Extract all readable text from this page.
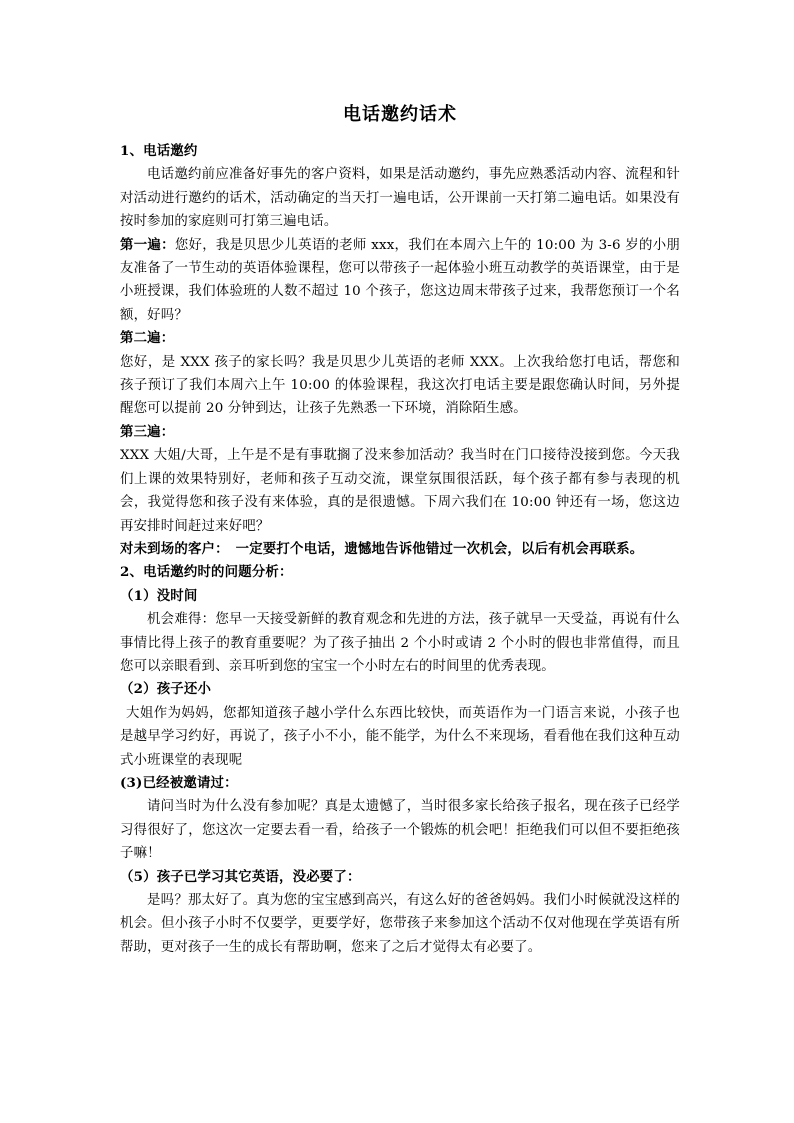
电话邀约话术

1、电话邀约

电话邀约前应准备好事先的客户资料，如果是活动邀约，事先应熟悉活动内容、流程和针对活动进行邀约的话术，活动确定的当天打一遍电话，公开课前一天打第二遍电话。如果没有按时参加的家庭则可打第三遍电话。

第一遍：您好，我是贝思少儿英语的老师 xxx，我们在本周六上午的 10:00 为 3-6 岁的小朋友准备了一节生动的英语体验课程，您可以带孩子一起体验小班互动教学的英语课堂，由于是小班授课，我们体验班的人数不超过 10 个孩子，您这边周末带孩子过来，我帮您预订一个名额，好吗？

第二遍：

您好，是 XXX 孩子的家长吗？我是贝思少儿英语的老师 XXX。上次我给您打电话，帮您和孩子预订了我们本周六上午 10:00 的体验课程，我这次打电话主要是跟您确认时间，另外提醒您可以提前 20 分钟到达，让孩子先熟悉一下环境，消除陌生感。

第三遍：

XXX 大姐/大哥，上午是不是有事耽搁了没来参加活动？我当时在门口接待没接到您。今天我们上课的效果特别好，老师和孩子互动交流，课堂氛围很活跃，每个孩子都有参与表现的机会，我觉得您和孩子没有来体验，真的是很遗憾。下周六我们在 10:00 钟还有一场，您这边再安排时间赶过来好吧？

对未到场的客户：　一定要打个电话，遗憾地告诉他错过一次机会，以后有机会再联系。

2、电话邀约时的问题分析：

（1）没时间

机会难得：您早一天接受新鲜的教育观念和先进的方法，孩子就早一天受益，再说有什么事情比得上孩子的教育重要呢？为了孩子抽出 2 个小时或请 2 个小时的假也非常值得，而且您可以亲眼看到、亲耳听到您的宝宝一个小时左右的时间里的优秀表现。

（2）孩子还小

大姐作为妈妈，您都知道孩子越小学什么东西比较快，而英语作为一门语言来说，小孩子也是越早学习约好，再说了，孩子小不小，能不能学，为什么不来现场，看看他在我们这种互动式小班课堂的表现呢

(3)已经被邀请过：

请问当时为什么没有参加呢？真是太遗憾了，当时很多家长给孩子报名，现在孩子已经学习得很好了，您这次一定要去看一看，给孩子一个锻炼的机会吧！拒绝我们可以但不要拒绝孩子嘛！

（5）孩子已学习其它英语，没必要了：

是吗？那太好了。真为您的宝宝感到高兴，有这么好的爸爸妈妈。我们小时候就没这样的机会。但小孩子小时不仅要学，更要学好，您带孩子来参加这个活动不仅对他现在学英语有所帮助，更对孩子一生的成长有帮助啊，您来了之后才觉得太有必要了。
